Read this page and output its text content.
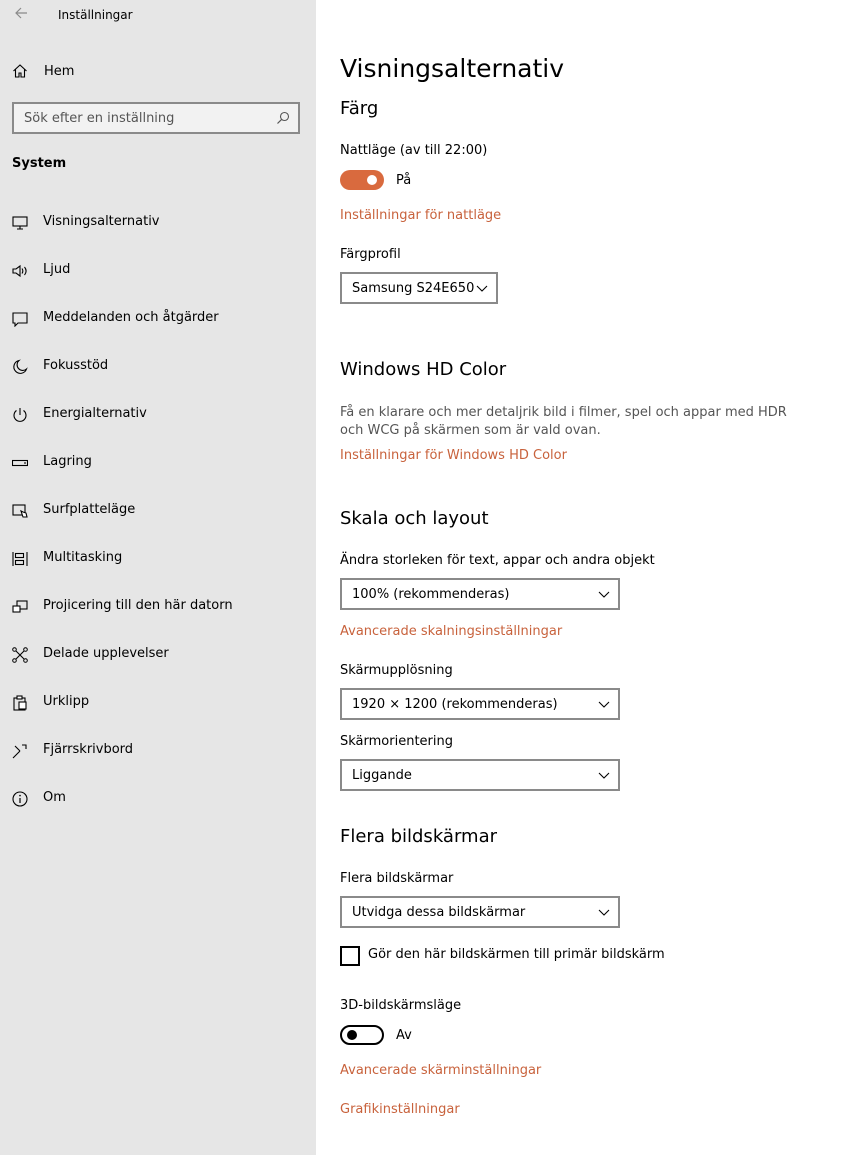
Inställningar
Hem
Sök efter en inställning
System
Visningsalternativ
Ljud
Meddelanden och åtgärder
Fokusstöd
Energialternativ
Lagring
Surfplatteläge
Multitasking
Projicering till den här datorn
Delade upplevelser
Urklipp
Fjärrskrivbord
Om
Visningsalternativ
Färg
Nattläge (av till 22:00)
På
Inställningar för nattläge
Färgprofil
Samsung S24E650
Windows HD Color
Få en klarare och mer detaljrik bild i filmer, spel och appar med HDR och WCG på skärmen som är vald ovan.
Inställningar för Windows HD Color
Skala och layout
Ändra storleken för text, appar och andra objekt
100% (rekommenderas)
Avancerade skalningsinställningar
Skärmupplösning
1920 × 1200 (rekommenderas)
Skärmorientering
Liggande
Flera bildskärmar
Flera bildskärmar
Utvidga dessa bildskärmar
Gör den här bildskärmen till primär bildskärm
3D-bildskärmsläge
Av
Avancerade skärminställningar
Grafikinställningar
